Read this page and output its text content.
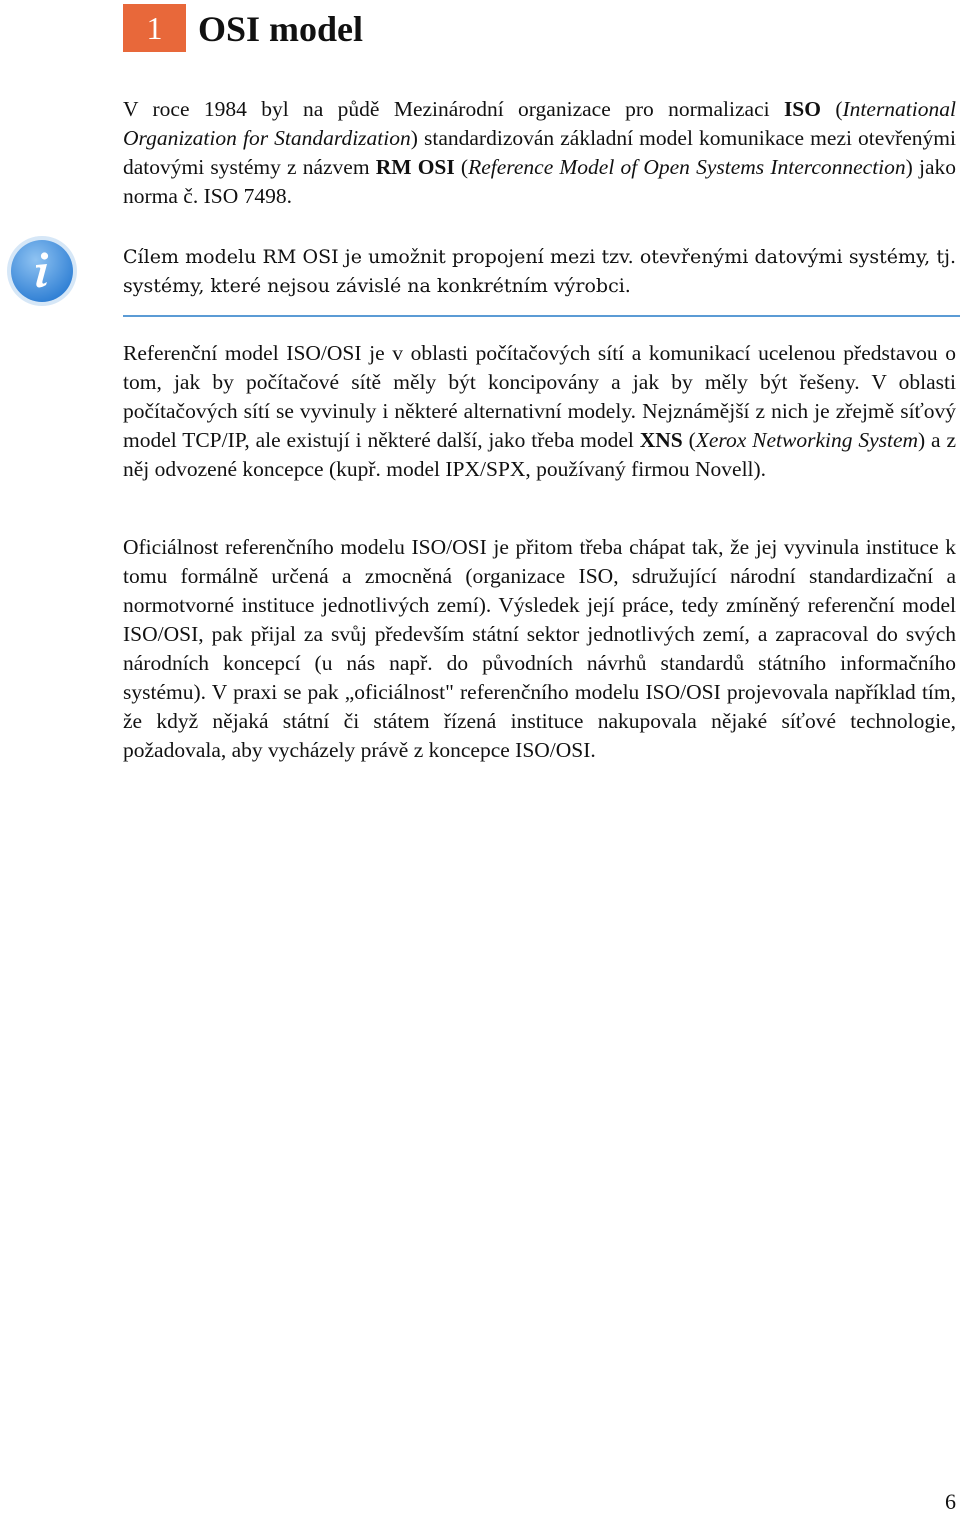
1 OSI model

V roce 1984 byl na půdě Mezinárodní organizace pro normalizaci ISO (International Organization for Standardization) standardizován základní model komunikace mezi otevřenými datovými systémy z názvem RM OSI (Reference Model of Open Systems Interconnection) jako norma č. ISO 7498.

Cílem modelu RM OSI je umožnit propojení mezi tzv. otevřenými datovými systémy, tj. systémy, které nejsou závislé na konkrétním výrobci.

Referenční model ISO/OSI je v oblasti počítačových sítí a komunikací ucelenou představou o tom, jak by počítačové sítě měly být koncipovány a jak by měly být řešeny. V oblasti počítačových sítí se vyvinuly i některé alternativní modely. Nejznámější z nich je zřejmě síťový model TCP/IP, ale existují i některé další, jako třeba model XNS (Xerox Networking System) a z něj odvozené koncepce (kupř. model IPX/SPX, používaný firmou Novell).

Oficiálnost referenčního modelu ISO/OSI je přitom třeba chápat tak, že jej vyvinula instituce k tomu formálně určená a zmocněná (organizace ISO, sdružující národní standardizační a normotvorné instituce jednotlivých zemí). Výsledek její práce, tedy zmíněný referenční model ISO/OSI, pak přijal za svůj především státní sektor jednotlivých zemí, a zapracoval do svých národních koncepcí (u nás např. do původních návrhů standardů státního informačního systému). V praxi se pak „oficiálnost" referenčního modelu ISO/OSI projevovala například tím, že když nějaká státní či státem řízená instituce nakupovala nějaké síťové technologie, požadovala, aby vycházely právě z koncepce ISO/OSI.

6
